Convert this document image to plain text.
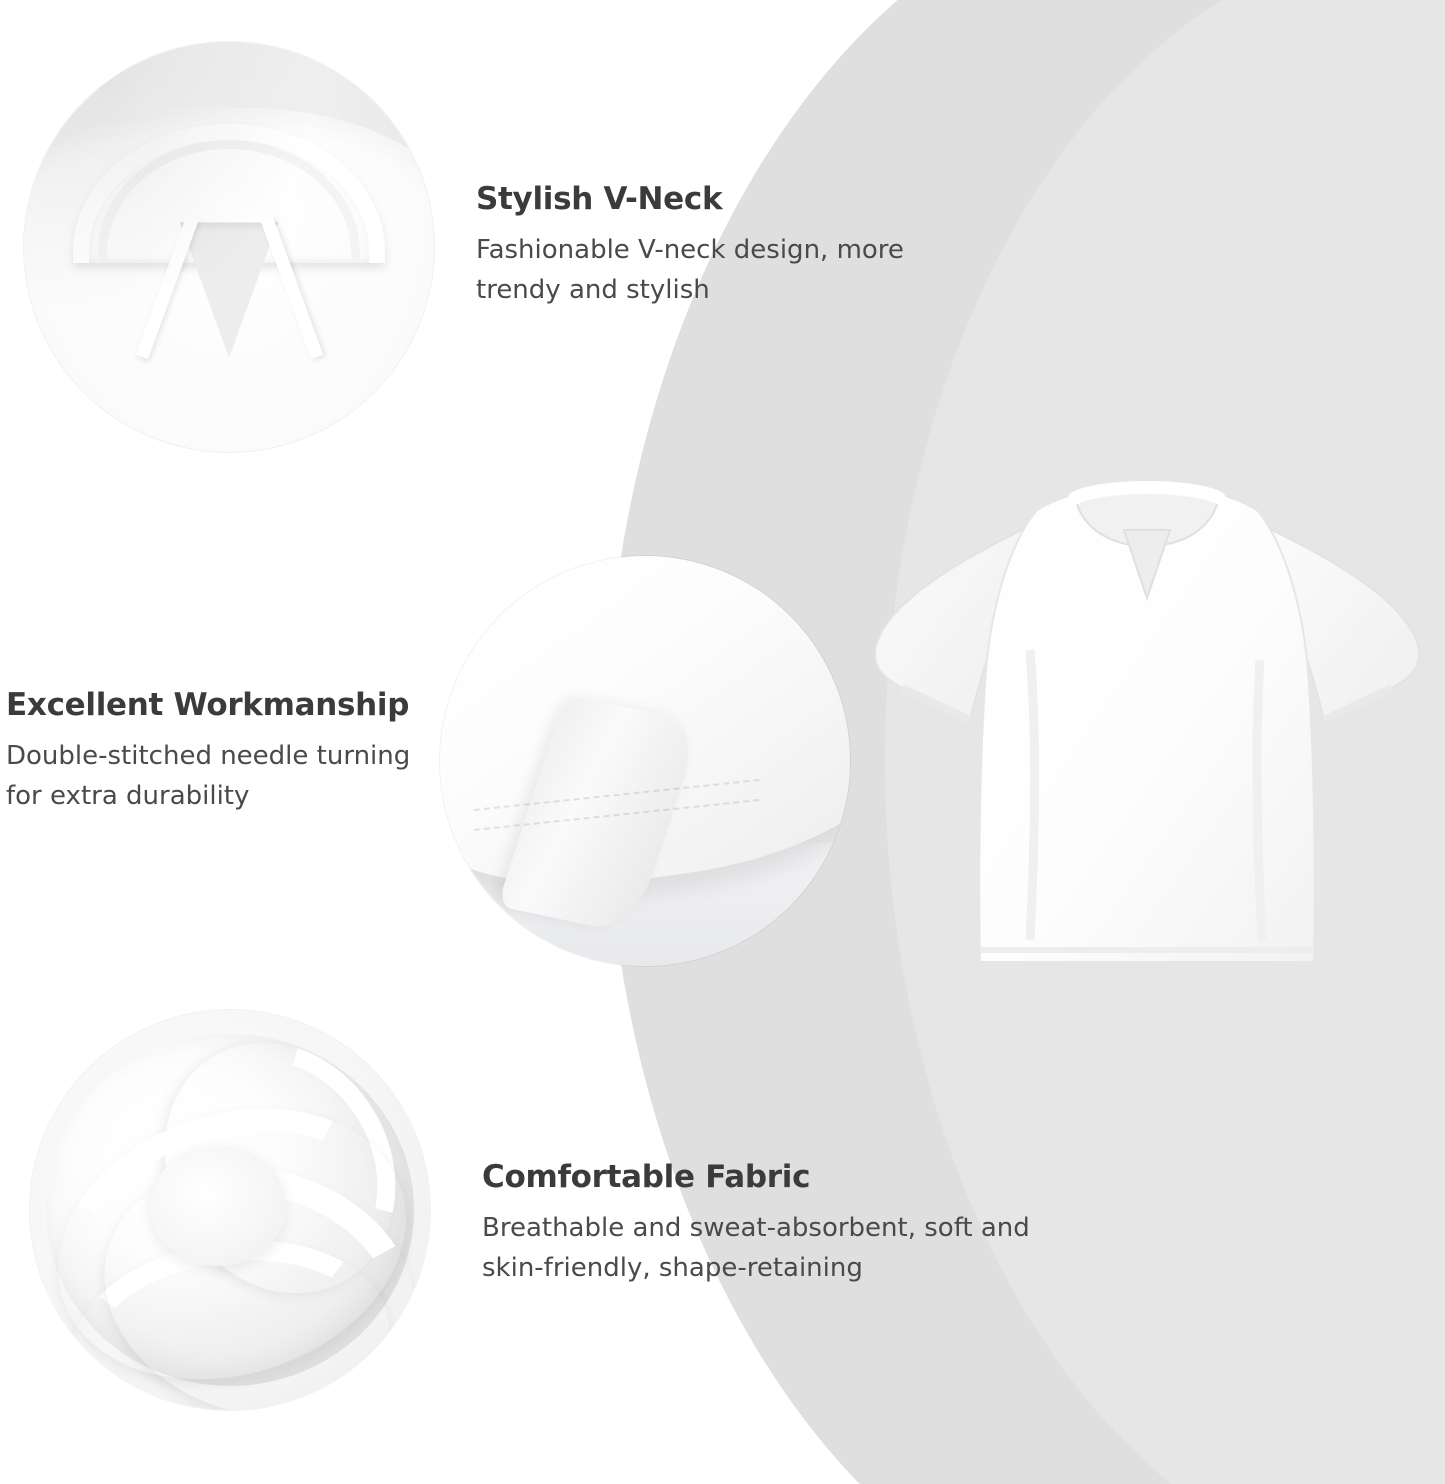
Stylish V-Neck

Fashionable V-neck design, more trendy and stylish

Excellent Workmanship

Double-stitched needle turning for extra durability

Comfortable Fabric

Breathable and sweat-absorbent, soft and skin-friendly, shape-retaining
